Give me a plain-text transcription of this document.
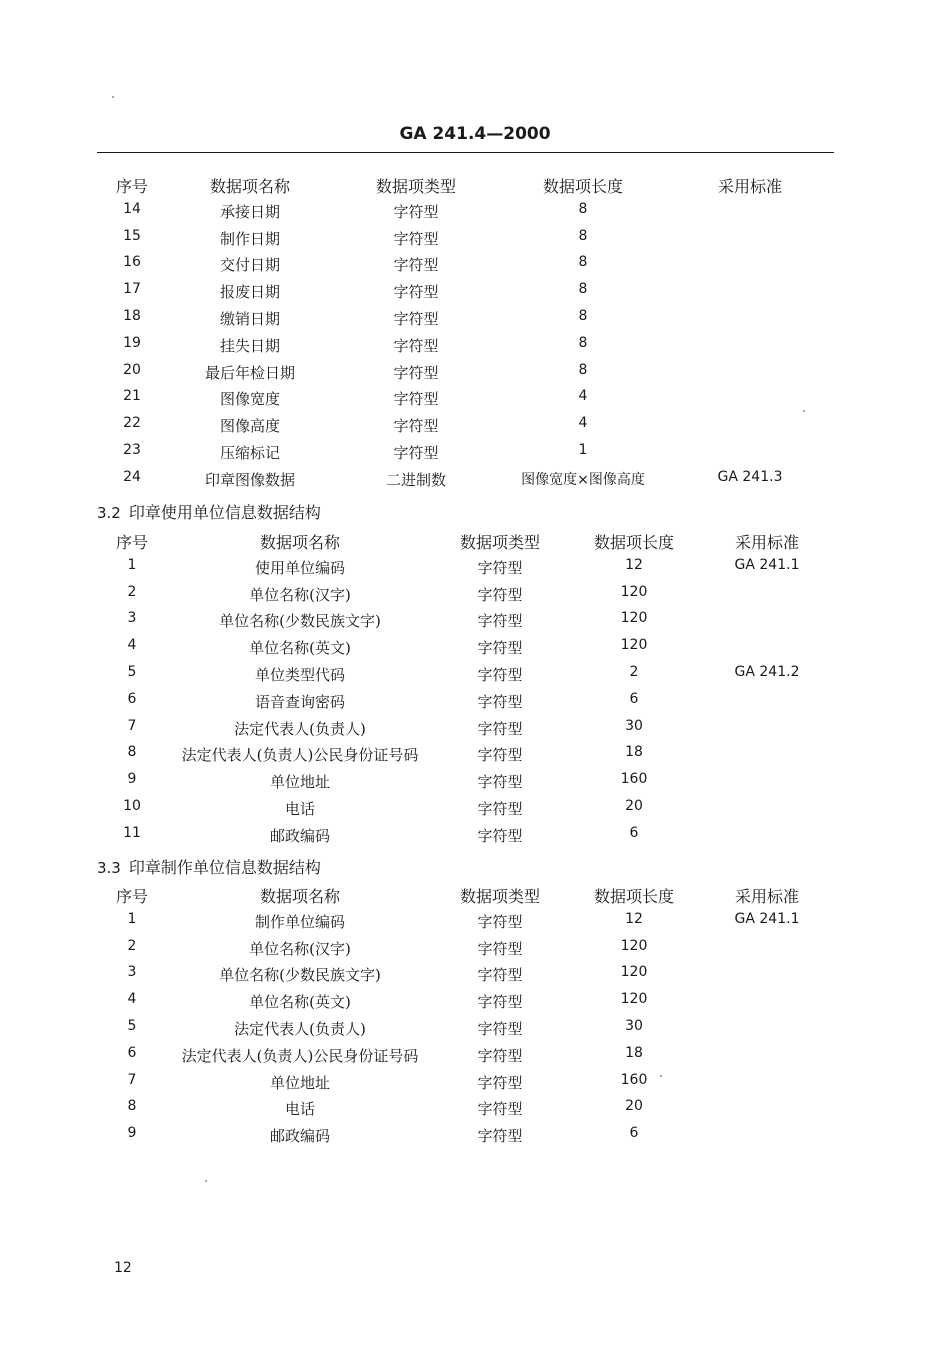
GA 241.4—2000
序号	数据项名称	数据项类型	数据项长度	采用标准
14	承接日期	字符型	8
15	制作日期	字符型	8
16	交付日期	字符型	8
17	报废日期	字符型	8
18	缴销日期	字符型	8
19	挂失日期	字符型	8
20	最后年检日期	字符型	8
21	图像宽度	字符型	4
22	图像高度	字符型	4
23	压缩标记	字符型	1
24	印章图像数据	二进制数	图像宽度×图像高度	GA 241.3
3.2 印章使用单位信息数据结构
序号	数据项名称	数据项类型	数据项长度	采用标准
1	使用单位编码	字符型	12	GA 241.1
2	单位名称(汉字)	字符型	120
3	单位名称(少数民族文字)	字符型	120
4	单位名称(英文)	字符型	120
5	单位类型代码	字符型	2	GA 241.2
6	语音查询密码	字符型	6
7	法定代表人(负责人)	字符型	30
8	法定代表人(负责人)公民身份证号码	字符型	18
9	单位地址	字符型	160
10	电话	字符型	20
11	邮政编码	字符型	6
3.3 印章制作单位信息数据结构
序号	数据项名称	数据项类型	数据项长度	采用标准
1	制作单位编码	字符型	12	GA 241.1
2	单位名称(汉字)	字符型	120
3	单位名称(少数民族文字)	字符型	120
4	单位名称(英文)	字符型	120
5	法定代表人(负责人)	字符型	30
6	法定代表人(负责人)公民身份证号码	字符型	18
7	单位地址	字符型	160
8	电话	字符型	20
9	邮政编码	字符型	6
12
